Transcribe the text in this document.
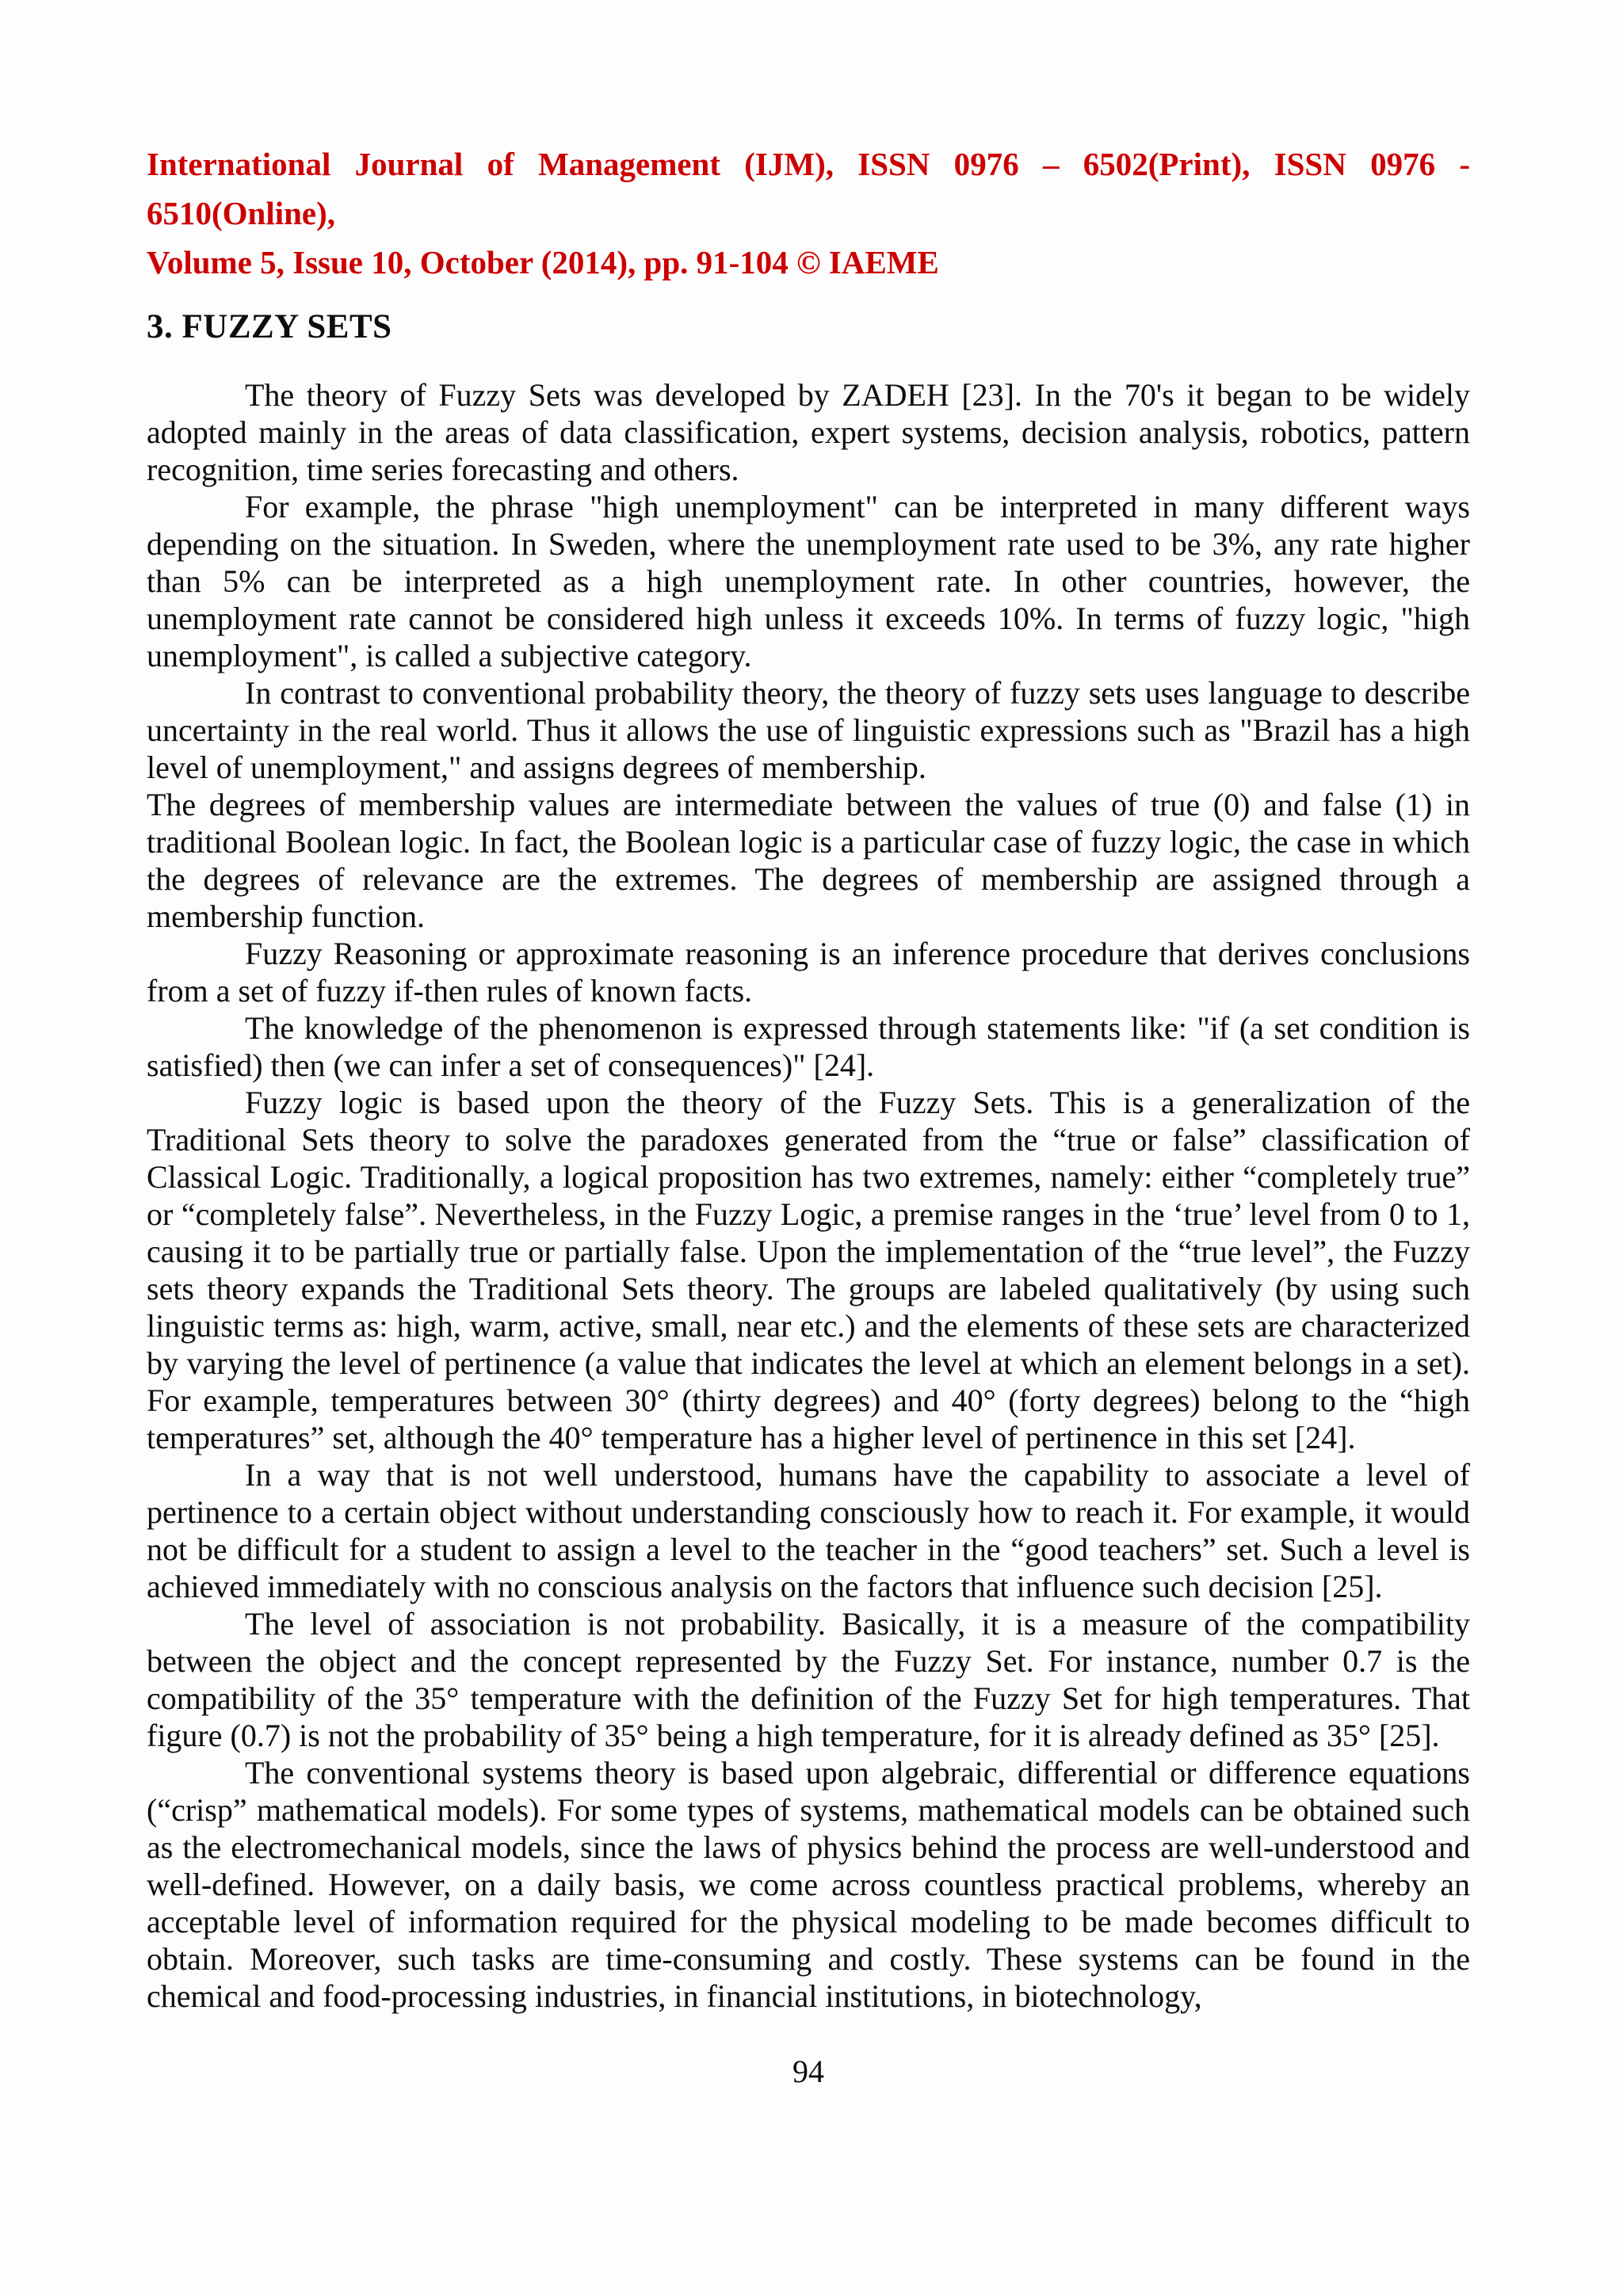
International Journal of Management (IJM), ISSN 0976 – 6502(Print), ISSN 0976 - 6510(Online),
Volume 5, Issue 10, October (2014), pp. 91-104 © IAEME
3. FUZZY SETS

The theory of Fuzzy Sets was developed by ZADEH [23]. In the 70's it began to be widely adopted mainly in the areas of data classification, expert systems, decision analysis, robotics, pattern recognition, time series forecasting and others.

For example, the phrase "high unemployment" can be interpreted in many different ways depending on the situation. In Sweden, where the unemployment rate used to be 3%, any rate higher than 5% can be interpreted as a high unemployment rate. In other countries, however, the unemployment rate cannot be considered high unless it exceeds 10%. In terms of fuzzy logic, "high unemployment", is called a subjective category.

In contrast to conventional probability theory, the theory of fuzzy sets uses language to describe uncertainty in the real world. Thus it allows the use of linguistic expressions such as "Brazil has a high level of unemployment," and assigns degrees of membership.

The degrees of membership values are intermediate between the values of true (0) and false (1) in traditional Boolean logic. In fact, the Boolean logic is a particular case of fuzzy logic, the case in which the degrees of relevance are the extremes. The degrees of membership are assigned through a membership function.

Fuzzy Reasoning or approximate reasoning is an inference procedure that derives conclusions from a set of fuzzy if-then rules of known facts.

The knowledge of the phenomenon is expressed through statements like: "if (a set condition is satisfied) then (we can infer a set of consequences)" [24].

Fuzzy logic is based upon the theory of the Fuzzy Sets. This is a generalization of the Traditional Sets theory to solve the paradoxes generated from the “true or false” classification of Classical Logic. Traditionally, a logical proposition has two extremes, namely: either “completely true” or “completely false”. Nevertheless, in the Fuzzy Logic, a premise ranges in the ‘true’ level from 0 to 1, causing it to be partially true or partially false. Upon the implementation of the “true level”, the Fuzzy sets theory expands the Traditional Sets theory. The groups are labeled qualitatively (by using such linguistic terms as: high, warm, active, small, near etc.) and the elements of these sets are characterized by varying the level of pertinence (a value that indicates the level at which an element belongs in a set). For example, temperatures between 30° (thirty degrees) and 40° (forty degrees) belong to the “high temperatures” set, although the 40° temperature has a higher level of pertinence in this set [24].

In a way that is not well understood, humans have the capability to associate a level of pertinence to a certain object without understanding consciously how to reach it. For example, it would not be difficult for a student to assign a level to the teacher in the “good teachers” set. Such a level is achieved immediately with no conscious analysis on the factors that influence such decision [25].

The level of association is not probability. Basically, it is a measure of the compatibility between the object and the concept represented by the Fuzzy Set. For instance, number 0.7 is the compatibility of the 35° temperature with the definition of the Fuzzy Set for high temperatures. That figure (0.7) is not the probability of 35° being a high temperature, for it is already defined as 35° [25].

The conventional systems theory is based upon algebraic, differential or difference equations (“crisp” mathematical models). For some types of systems, mathematical models can be obtained such as the electromechanical models, since the laws of physics behind the process are well-understood and well-defined. However, on a daily basis, we come across countless practical problems, whereby an acceptable level of information required for the physical modeling to be made becomes difficult to obtain. Moreover, such tasks are time-consuming and costly. These systems can be found in the chemical and food-processing industries, in financial institutions, in biotechnology,

94
